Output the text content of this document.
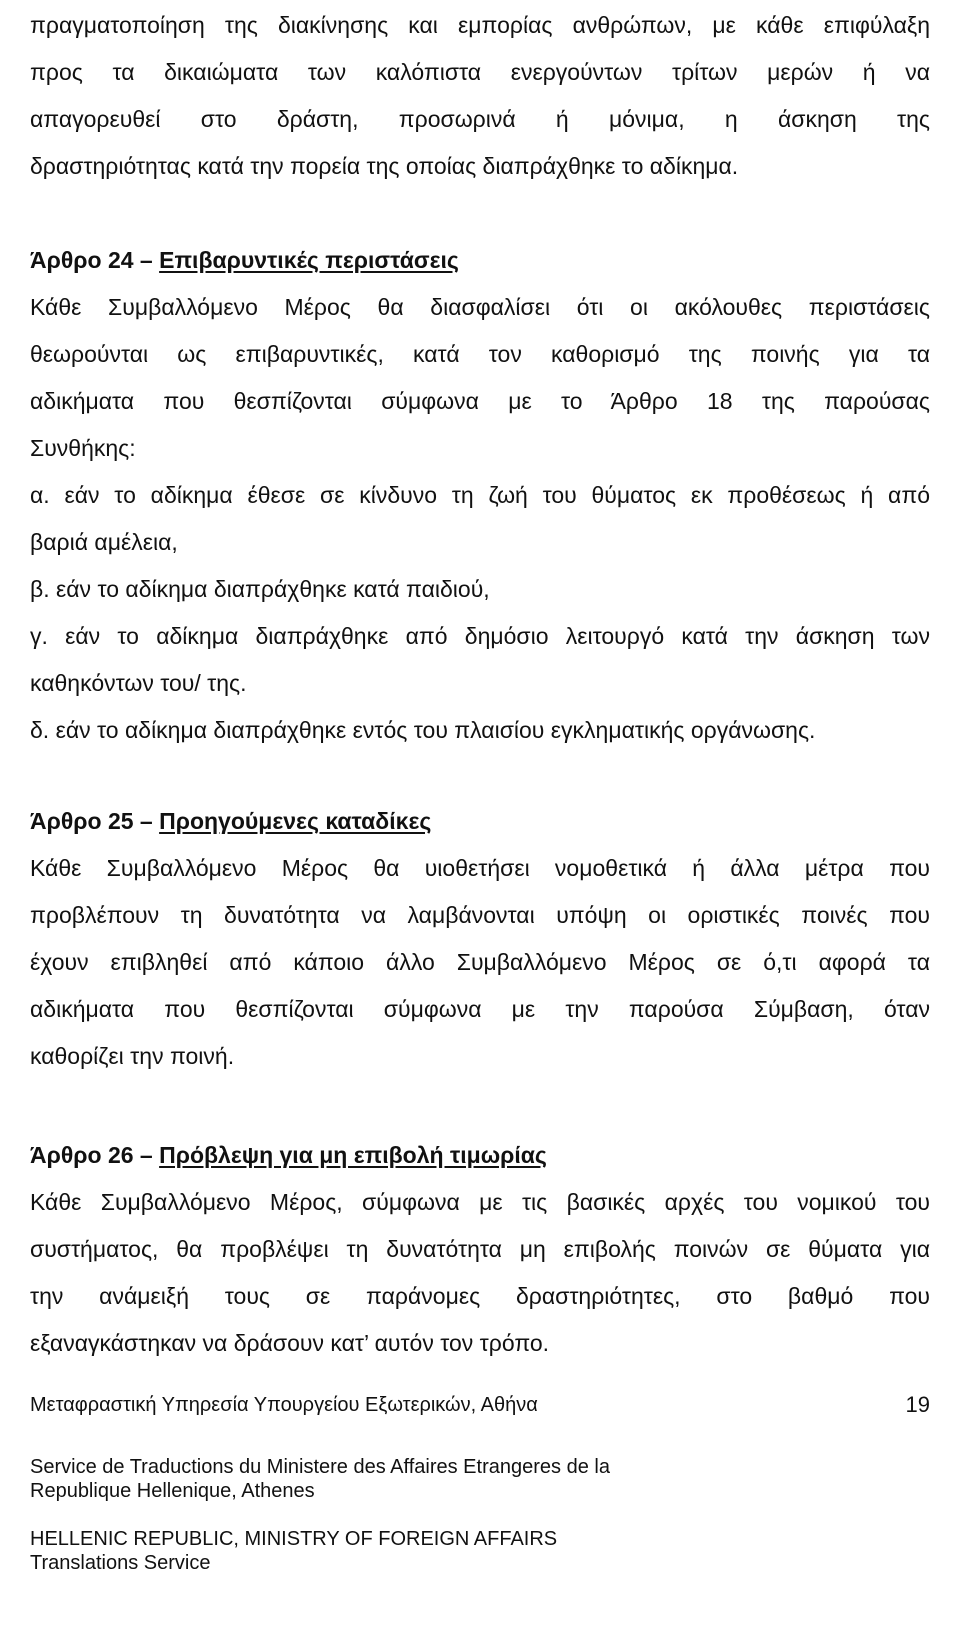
πραγματοποίηση της διακίνησης και εμπορίας ανθρώπων, με κάθε επιφύλαξη
προς τα δικαιώματα των καλόπιστα ενεργούντων τρίτων μερών ή να
απαγορευθεί στο δράστη, προσωρινά ή μόνιμα, η άσκηση της
δραστηριότητας κατά την πορεία της οποίας διαπράχθηκε το αδίκημα.
Άρθρο 24 – Επιβαρυντικές περιστάσεις
Κάθε Συμβαλλόμενο Μέρος θα διασφαλίσει ότι οι ακόλουθες περιστάσεις
θεωρούνται ως επιβαρυντικές, κατά τον καθορισμό της ποινής για τα
αδικήματα που θεσπίζονται σύμφωνα με το Άρθρο 18 της παρούσας
Συνθήκης:
α. εάν το αδίκημα έθεσε σε κίνδυνο τη ζωή του θύματος εκ προθέσεως ή από
βαριά αμέλεια,
β. εάν το αδίκημα διαπράχθηκε κατά παιδιού,
γ. εάν το αδίκημα διαπράχθηκε από δημόσιο λειτουργό κατά την άσκηση των
καθηκόντων του/ της.
δ. εάν το αδίκημα διαπράχθηκε εντός του πλαισίου εγκληματικής οργάνωσης.
Άρθρο 25 – Προηγούμενες καταδίκες
Κάθε Συμβαλλόμενο Μέρος θα υιοθετήσει νομοθετικά ή άλλα μέτρα που
προβλέπουν τη δυνατότητα να λαμβάνονται υπόψη οι οριστικές ποινές που
έχουν επιβληθεί από κάποιο άλλο Συμβαλλόμενο Μέρος σε ό,τι αφορά τα
αδικήματα που θεσπίζονται σύμφωνα με την παρούσα Σύμβαση, όταν
καθορίζει την ποινή.
Άρθρο 26 – Πρόβλεψη για μη επιβολή τιμωρίας
Κάθε Συμβαλλόμενο Μέρος, σύμφωνα με τις βασικές αρχές του νομικού του
συστήματος, θα προβλέψει τη δυνατότητα μη επιβολής ποινών σε θύματα για
την ανάμειξή τους σε παράνομες δραστηριότητες, στο βαθμό που
εξαναγκάστηκαν να δράσουν κατ’ αυτόν τον τρόπο.
Μεταφραστική Υπηρεσία Υπουργείου Εξωτερικών, Αθήνα	19
Service de Traductions du Ministere des Affaires Etrangeres de la
Republique Hellenique, Athenes
HELLENIC REPUBLIC, MINISTRY OF FOREIGN AFFAIRS
Translations Service
